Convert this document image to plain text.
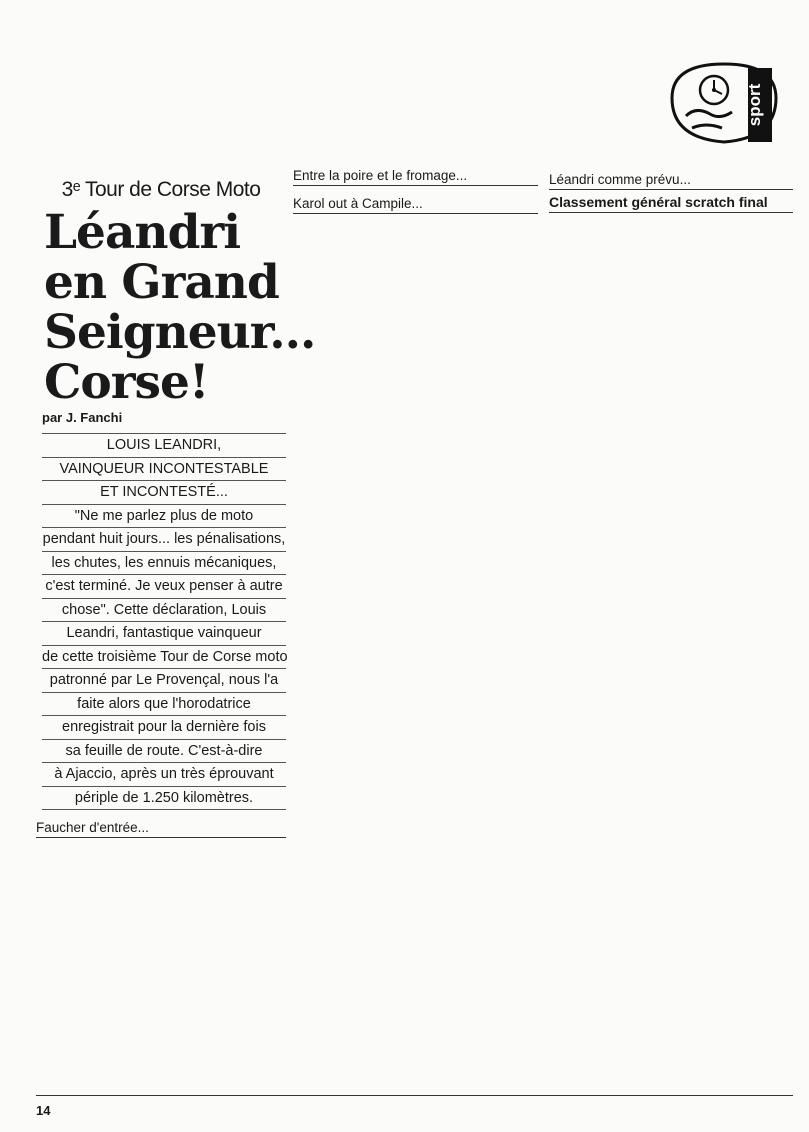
sport
3ᵉ Tour de Corse Moto
Léandri
en Grand
Seigneur...
Corse!
par J. Fanchi
LOUIS LEANDRI,
VAINQUEUR INCONTESTABLE
ET INCONTESTÉ...
"Ne me parlez plus de moto
pendant huit jours... les pénalisations,
les chutes, les ennuis mécaniques,
c'est terminé. Je veux penser à autre
chose". Cette déclaration, Louis
Leandri, fantastique vainqueur
de cette troisième Tour de Corse moto
patronné par Le Provençal, nous l'a
faite alors que l'horodatrice
enregistrait pour la dernière fois
sa feuille de route. C'est-à-dire
à Ajaccio, après un très éprouvant
périple de 1.250 kilomètres.
Faucher d'entrée...

Entre la poire et le fromage...

Karol out à Campile...

Léandri comme prévu...

Classement général scratch final

14
